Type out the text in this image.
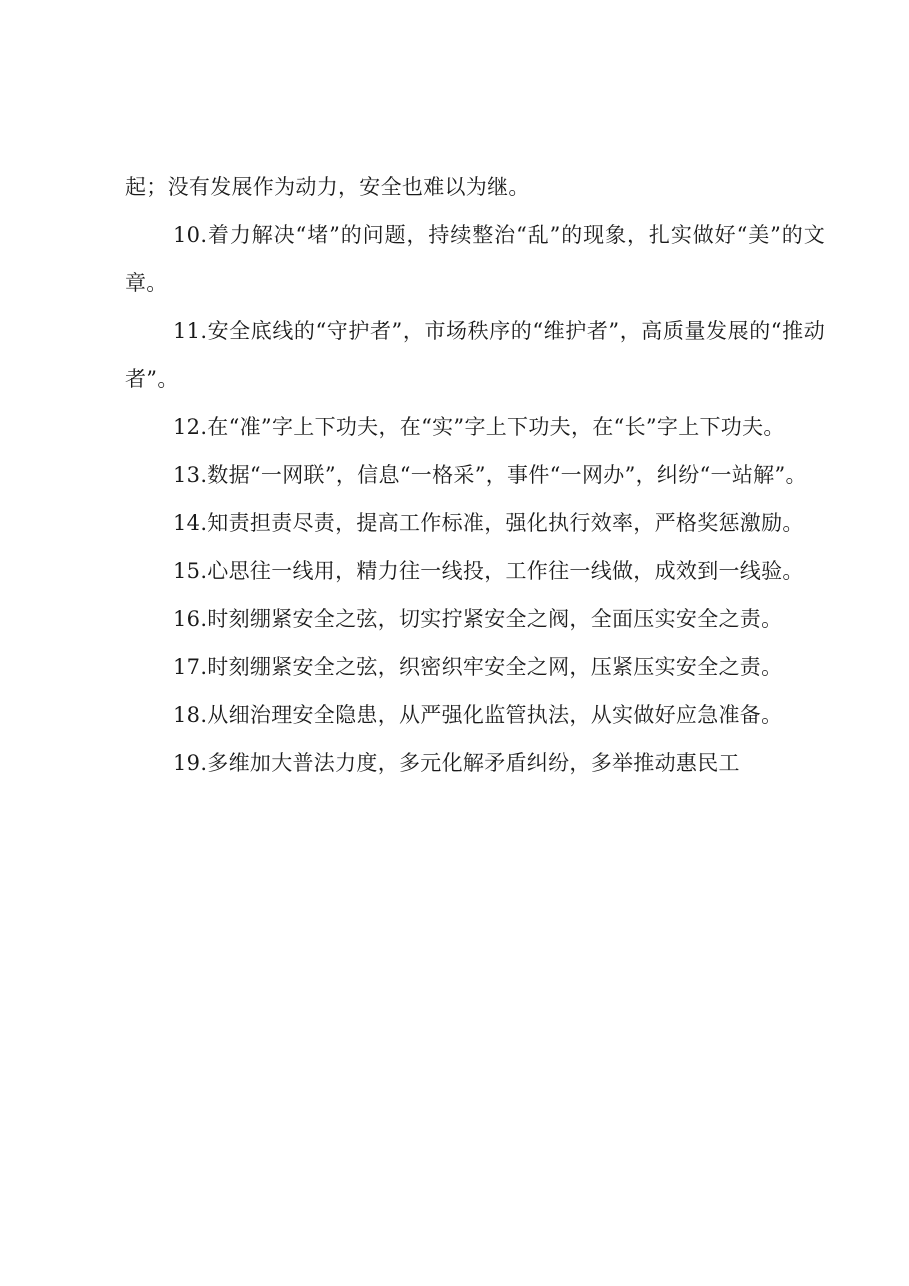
起；没有发展作为动力，安全也难以为继。

10.着力解决“堵”的问题，持续整治“乱”的现象，扎实做好“美”的文章。

11.安全底线的“守护者”，市场秩序的“维护者”，高质量发展的“推动者”。

12.在“准”字上下功夫，在“实”字上下功夫，在“长”字上下功夫。

13.数据“一网联”，信息“一格采”，事件“一网办”，纠纷“一站解”。

14.知责担责尽责，提高工作标准，强化执行效率，严格奖惩激励。

15.心思往一线用，精力往一线投，工作往一线做，成效到一线验。

16.时刻绷紧安全之弦，切实拧紧安全之阀，全面压实安全之责。

17.时刻绷紧安全之弦，织密织牢安全之网，压紧压实安全之责。

18.从细治理安全隐患，从严强化监管执法，从实做好应急准备。

19.多维加大普法力度，多元化解矛盾纠纷，多举推动惠民工
